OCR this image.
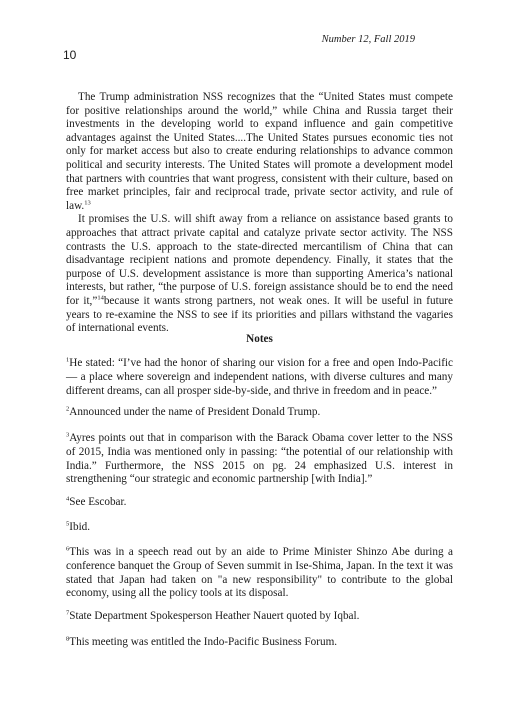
Number 12, Fall 2019
10

The Trump administration NSS recognizes that the “United States must compete for positive relationships around the world,” while China and Russia target their investments in the developing world to expand influence and gain competitive advantages against the United States....The United States pursues economic ties not only for market access but also to create enduring relationships to advance common political and security interests. The United States will promote a development model that partners with countries that want progress, consistent with their culture, based on free market principles, fair and reciprocal trade, private sector activity, and rule of law.$^{13}$

It promises the U.S. will shift away from a reliance on assistance based grants to approaches that attract private capital and catalyze private sector activity. The NSS contrasts the U.S. approach to the state-directed mercantilism of China that can disadvantage recipient nations and promote dependency. Finally, it states that the purpose of U.S. development assistance is more than supporting America’s national interests, but rather, “the purpose of U.S. foreign assistance should be to end the need for it,”$^{14}$because it wants strong partners, not weak ones. It will be useful in future years to re-examine the NSS to see if its priorities and pillars withstand the vagaries of international events.

Notes

$^1$He stated: “I’ve had the honor of sharing our vision for a free and open Indo-Pacific — a place where sovereign and independent nations, with diverse cultures and many different dreams, can all prosper side-by-side, and thrive in freedom and in peace.”

$^2$Announced under the name of President Donald Trump.

$^3$Ayres points out that in comparison with the Barack Obama cover letter to the NSS of 2015, India was mentioned only in passing: “the potential of our relationship with India.” Furthermore, the NSS 2015 on pg. 24 emphasized U.S. interest in strengthening “our strategic and economic partnership [with India].”

$^4$See Escobar.

$^5$Ibid.

$^6$This was in a speech read out by an aide to Prime Minister Shinzo Abe during a conference banquet the Group of Seven summit in Ise-Shima, Japan. In the text it was stated that Japan had taken on "a new responsibility" to contribute to the global economy, using all the policy tools at its disposal.

$^7$State Department Spokesperson Heather Nauert quoted by Iqbal.

$^8$This meeting was entitled the Indo-Pacific Business Forum.
